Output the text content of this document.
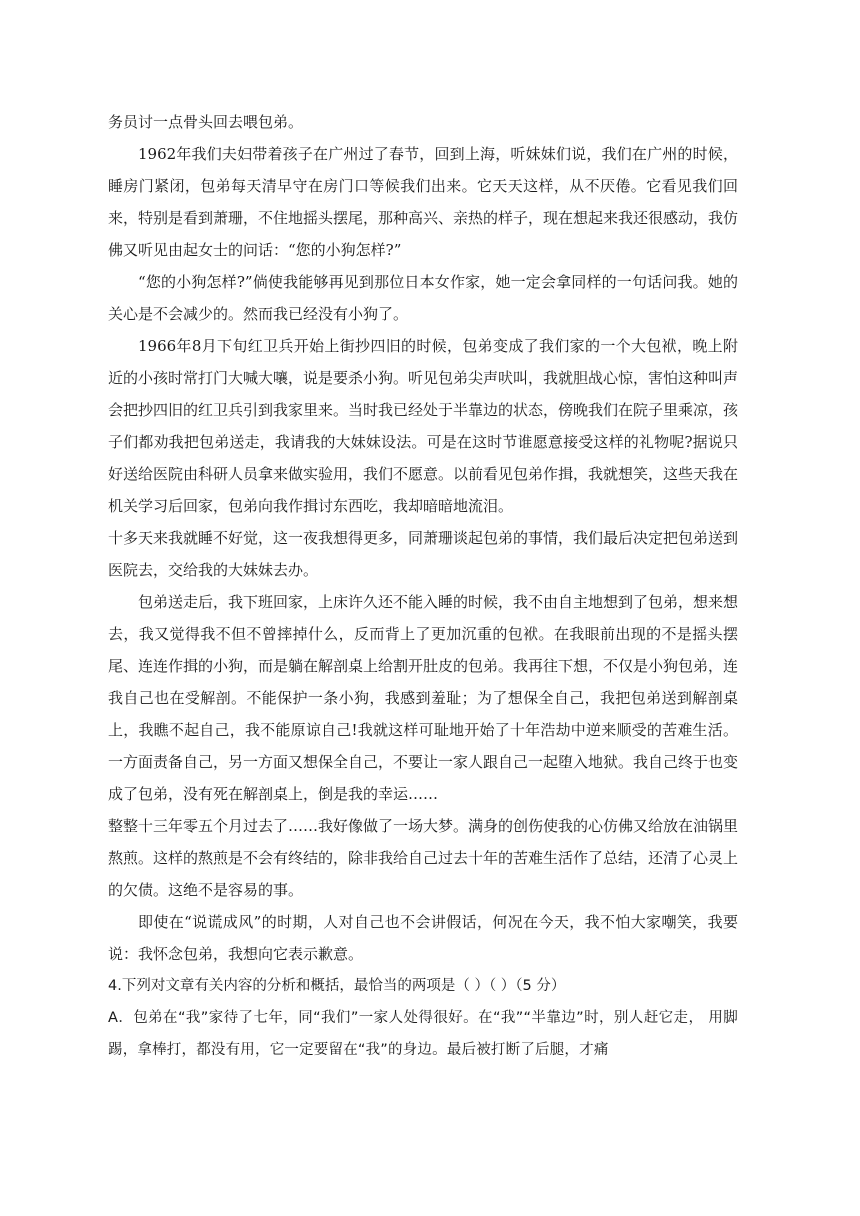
务员讨一点骨头回去喂包弟。

1962年我们夫妇带着孩子在广州过了春节，回到上海，听妹妹们说，我们在广州的时候，睡房门紧闭，包弟每天清早守在房门口等候我们出来。它天天这样，从不厌倦。它看见我们回来，特别是看到萧珊，不住地摇头摆尾，那种高兴、亲热的样子，现在想起来我还很感动，我仿佛又听见由起女士的问话：“您的小狗怎样?”

“您的小狗怎样?”倘使我能够再见到那位日本女作家，她一定会拿同样的一句话问我。她的关心是不会减少的。然而我已经没有小狗了。

1966年8月下旬红卫兵开始上街抄四旧的时候，包弟变成了我们家的一个大包袱，晚上附近的小孩时常打门大喊大嚷，说是要杀小狗。听见包弟尖声吠叫，我就胆战心惊，害怕这种叫声会把抄四旧的红卫兵引到我家里来。当时我已经处于半靠边的状态，傍晚我们在院子里乘凉，孩子们都劝我把包弟送走，我请我的大妹妹设法。可是在这时节谁愿意接受这样的礼物呢?据说只好送给医院由科研人员拿来做实验用，我们不愿意。以前看见包弟作揖，我就想笑，这些天我在机关学习后回家，包弟向我作揖讨东西吃，我却暗暗地流泪。

十多天来我就睡不好觉，这一夜我想得更多，同萧珊谈起包弟的事情，我们最后决定把包弟送到医院去，交给我的大妹妹去办。

包弟送走后，我下班回家，上床许久还不能入睡的时候，我不由自主地想到了包弟，想来想去，我又觉得我不但不曾摔掉什么，反而背上了更加沉重的包袱。在我眼前出现的不是摇头摆尾、连连作揖的小狗，而是躺在解剖桌上给割开肚皮的包弟。我再往下想，不仅是小狗包弟，连我自己也在受解剖。不能保护一条小狗，我感到羞耻；为了想保全自己，我把包弟送到解剖桌上，我瞧不起自己，我不能原谅自己!我就这样可耻地开始了十年浩劫中逆来顺受的苦难生活。一方面责备自己，另一方面又想保全自己，不要让一家人跟自己一起堕入地狱。我自己终于也变成了包弟，没有死在解剖桌上，倒是我的幸运……

整整十三年零五个月过去了……我好像做了一场大梦。满身的创伤使我的心仿佛又给放在油锅里熬煎。这样的熬煎是不会有终结的，除非我给自己过去十年的苦难生活作了总结，还清了心灵上的欠债。这绝不是容易的事。

即使在“说谎成风”的时期，人对自己也不会讲假话，何况在今天，我不怕大家嘲笑，我要说：我怀念包弟，我想向它表示歉意。

4.下列对文章有关内容的分析和概括，最恰当的两项是（ ）（ ）（5 分）

A．包弟在“我”家待了七年，同“我们”一家人处得很好。在“我”“半靠边”时，别人赶它走， 用脚踢，拿棒打，都没有用，它一定要留在“我”的身边。最后被打断了后腿，才痛
